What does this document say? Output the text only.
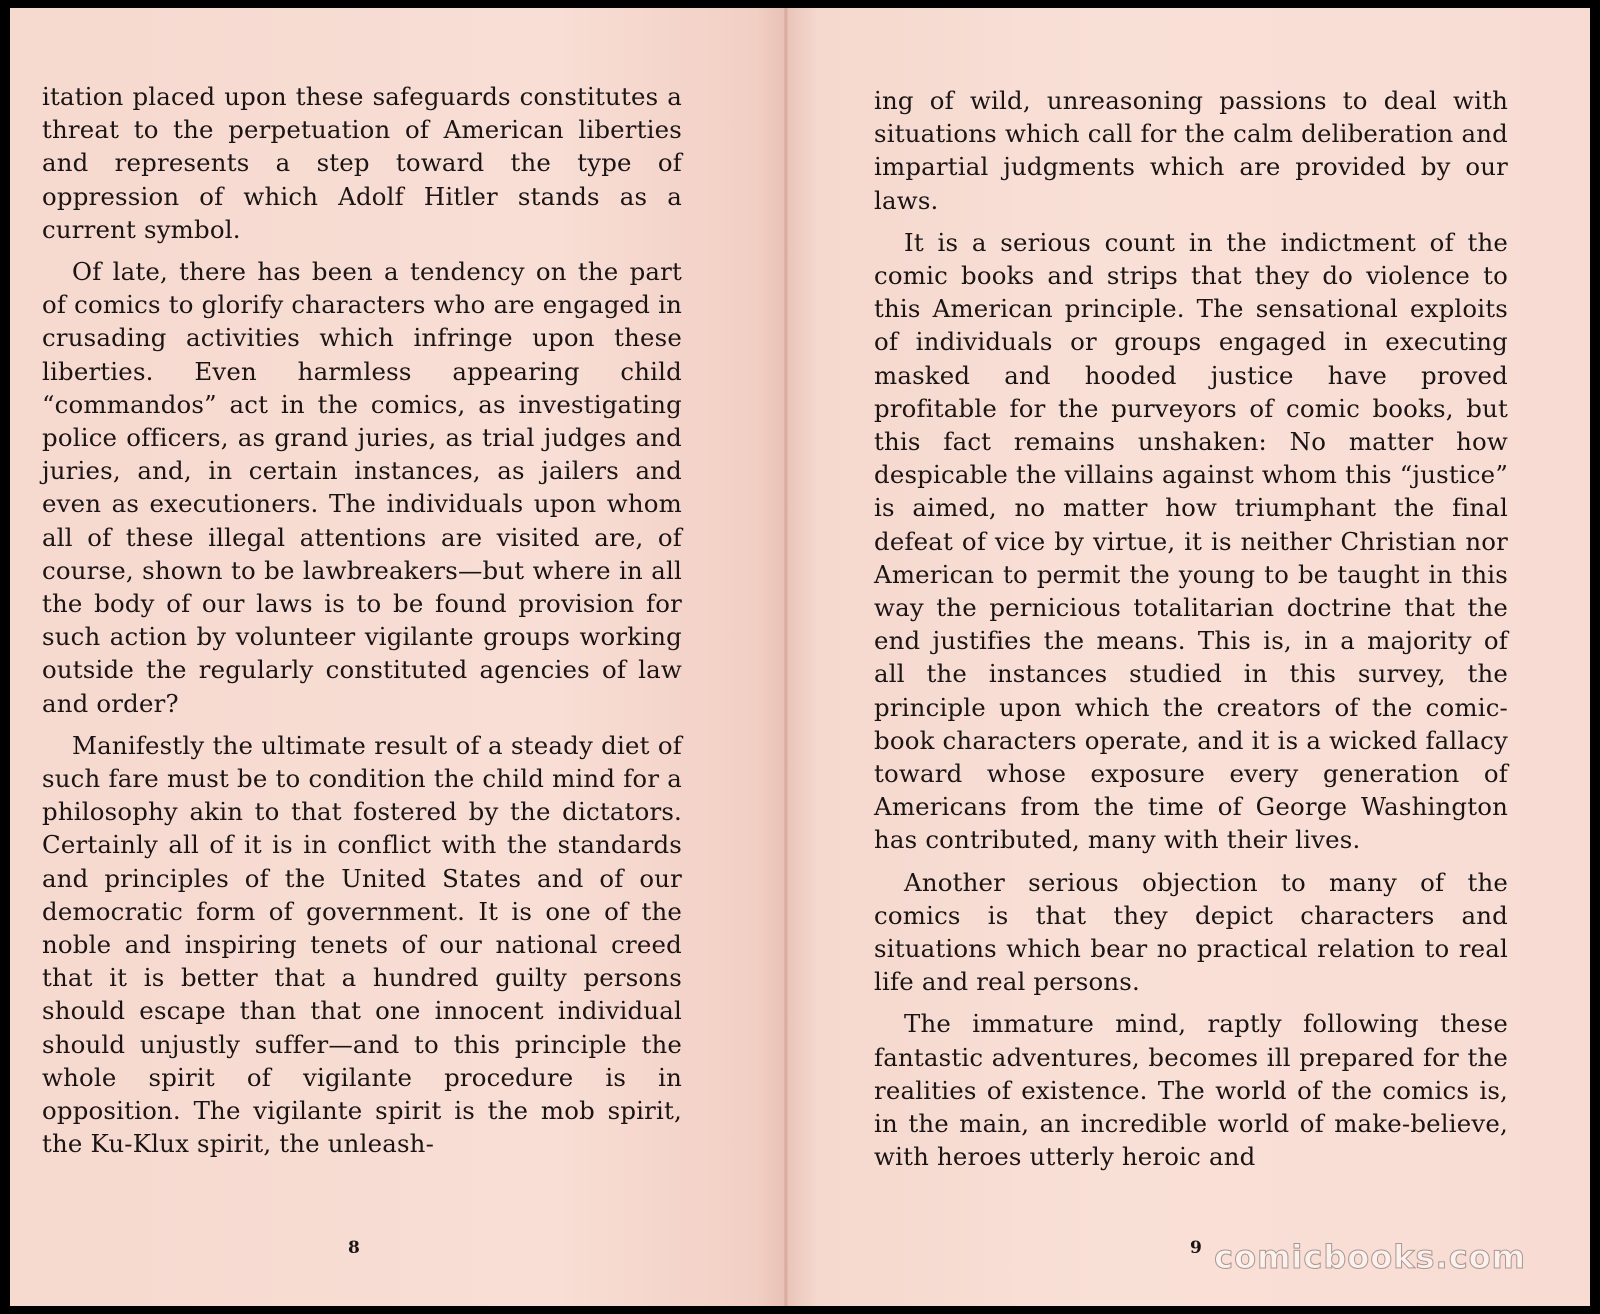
itation placed upon these safeguards constitutes a threat to the perpetuation of American liberties and represents a step toward the type of oppression of which Adolf Hitler stands as a current symbol.

Of late, there has been a tendency on the part of comics to glorify characters who are engaged in crusading activities which infringe upon these liberties. Even harmless appearing child “commandos” act in the comics, as investigating police officers, as grand juries, as trial judges and juries, and, in certain instances, as jailers and even as executioners. The individuals upon whom all of these illegal attentions are visited are, of course, shown to be lawbreakers—but where in all the body of our laws is to be found provision for such action by volunteer vigilante groups working outside the regularly constituted agencies of law and order?

Manifestly the ultimate result of a steady diet of such fare must be to condition the child mind for a philosophy akin to that fostered by the dictators. Certainly all of it is in conflict with the standards and principles of the United States and of our democratic form of government. It is one of the noble and inspiring tenets of our national creed that it is better that a hundred guilty persons should escape than that one innocent individual should unjustly suffer—and to this principle the whole spirit of vigilante procedure is in opposition. The vigilante spirit is the mob spirit, the Ku-Klux spirit, the unleash-

8

ing of wild, unreasoning passions to deal with situations which call for the calm deliberation and impartial judgments which are provided by our laws.

It is a serious count in the indictment of the comic books and strips that they do violence to this American principle. The sensational exploits of individuals or groups engaged in executing masked and hooded justice have proved profitable for the purveyors of comic books, but this fact remains unshaken: No matter how despicable the villains against whom this “justice” is aimed, no matter how triumphant the final defeat of vice by virtue, it is neither Christian nor American to permit the young to be taught in this way the pernicious totalitarian doctrine that the end justifies the means. This is, in a majority of all the instances studied in this survey, the principle upon which the creators of the comic-book characters operate, and it is a wicked fallacy toward whose exposure every generation of Americans from the time of George Washington has contributed, many with their lives.

Another serious objection to many of the comics is that they depict characters and situations which bear no practical relation to real life and real persons.

The immature mind, raptly following these fantastic adventures, becomes ill prepared for the realities of existence. The world of the comics is, in the main, an incredible world of make-believe, with heroes utterly heroic and

9 comicbooks.com
